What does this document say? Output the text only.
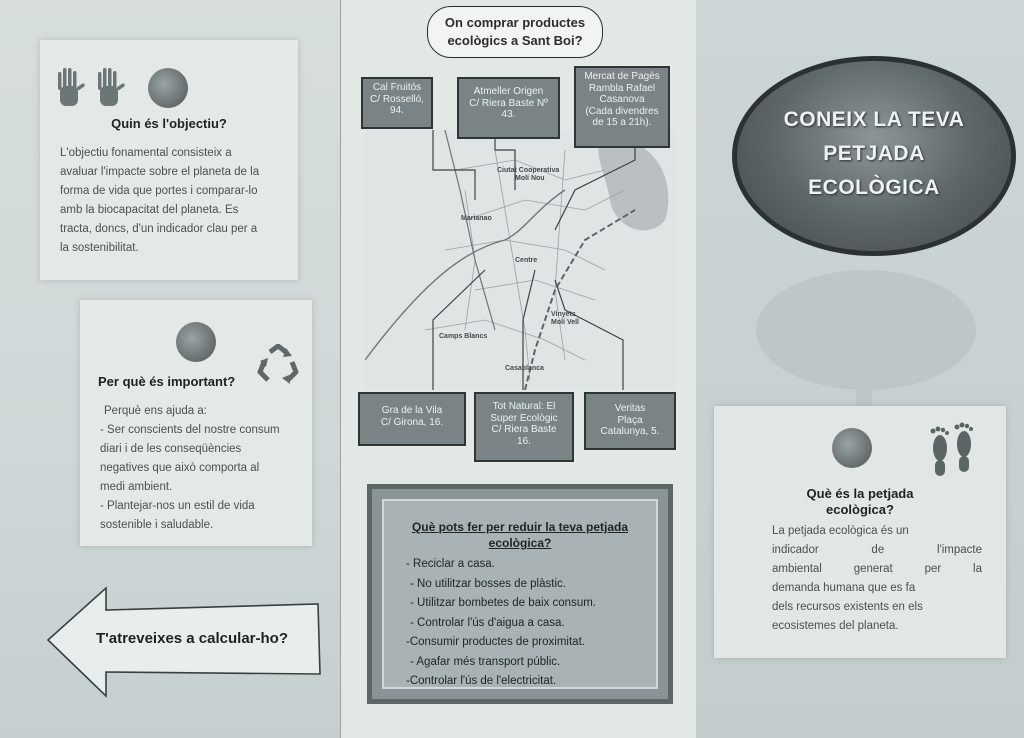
Quin és l'objectiu?
L'objectiu fonamental consisteix a
avaluar l'impacte sobre el planeta de la
forma de vida que portes i comparar-lo
amb la biocapacitat del planeta. Es
tracta, doncs, d'un indicador clau per a
la sostenibilitat.
Per què és important?
Perquè ens ajuda a:
- Ser conscients del nostre consum
diari i de les conseqüències
negatives que això comporta al
medi ambient.
- Plantejar-nos un estil de vida
sostenible i saludable.
T'atreveixes a calcular-ho?
On comprar productes
ecològics a Sant Boi?
Ciutat Cooperativa
Molí Nou
Marianao
Centre
Vinyets
Molí Vell
Camps Blancs
Casablanca
Cal Fruitós
C/ Rosselló,
94.
Atmeller Origen
C/ Riera Baste Nº
43.
Mercat de Pagès
Rambla Rafael
Casanova
(Cada divendres
de 15 a 21h).
Gra de la Vila
C/ Girona, 16.
Tot Natural: El
Super Ecològic
C/ Riera Baste
16.
Veritas
Plaça
Catalunya, 5.
Què pots fer per reduir la teva petjada
ecològica?
- Reciclar a casa.
- No utilitzar bosses de plàstic.
- Utilitzar bombetes de baix consum.
- Controlar l'ús d'aigua a casa.
-Consumir productes de proximitat.
- Agafar més transport públic.
-Controlar l'ús de l'electricitat.
CONEIX LA TEVA
PETJADA
ECOLÒGICA
Què és la petjada
ecològica?
La petjada ecològica és un
indicador de l'impacte
ambiental generat per la
demanda humana que es fa
dels recursos existents en els
ecosistemes del planeta.
